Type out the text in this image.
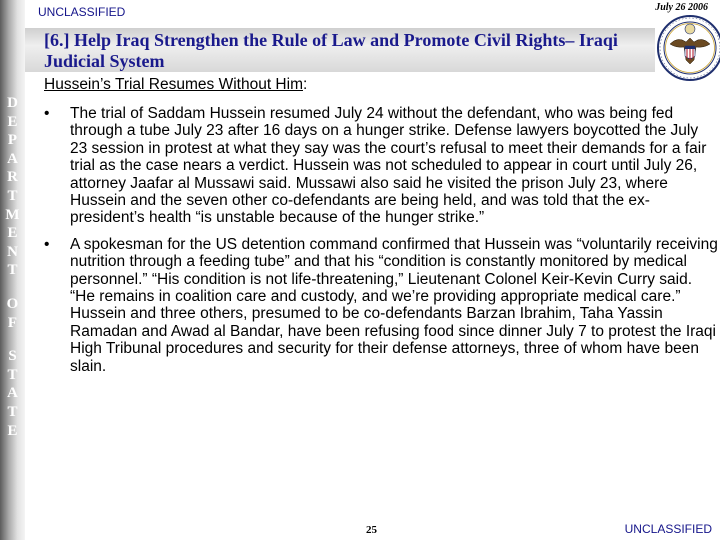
D
E
P
A
R
T
M
E
N
T
O
F
S
T
A
T
E
UNCLASSIFIED	July 26 2006
[6.] Help Iraq Strengthen the Rule of Law and Promote Civil Rights– Iraqi Judicial System
Hussein’s Trial Resumes Without Him:
• The trial of Saddam Hussein resumed July 24 without the defendant, who was being fed through a tube July 23 after 16 days on a hunger strike. Defense lawyers boycotted the July 23 session in protest at what they say was the court’s refusal to meet their demands for a fair trial as the case nears a verdict. Hussein was not scheduled to appear in court until July 26, attorney Jaafar al Mussawi said. Mussawi also said he visited the prison July 23, where Hussein and the seven other co-defendants are being held, and was told that the ex-president’s health “is unstable because of the hunger strike.”
• A spokesman for the US detention command confirmed that Hussein was “voluntarily receiving nutrition through a feeding tube” and that his “condition is constantly monitored by medical personnel.” “His condition is not life-threatening,” Lieutenant Colonel Keir-Kevin Curry said. “He remains in coalition care and custody, and we’re providing appropriate medical care.” Hussein and three others, presumed to be co-defendants Barzan Ibrahim, Taha Yassin Ramadan and Awad al Bandar, have been refusing food since dinner July 7 to protest the Iraqi High Tribunal procedures and security for their defense attorneys, three of whom have been slain.
25	UNCLASSIFIED
